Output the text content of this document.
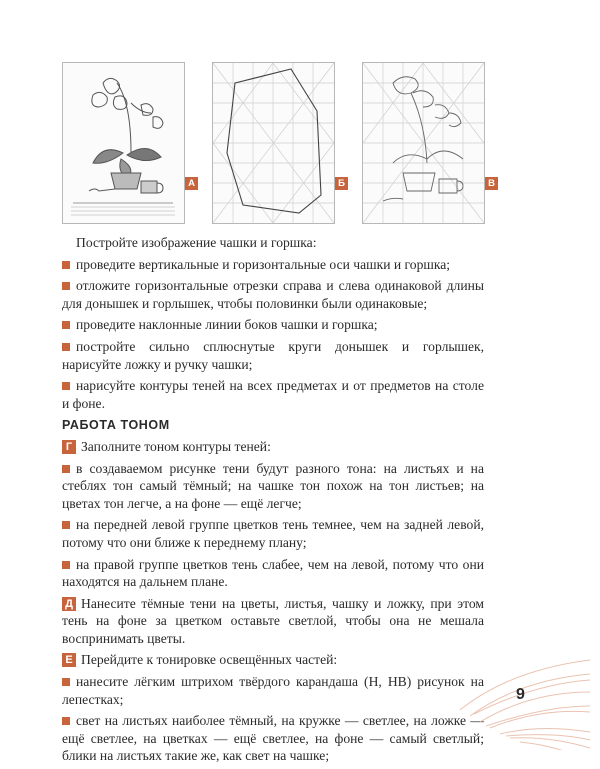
А	Б	В

Постройте изображение чашки и горшка:

проведите вертикальные и горизонтальные оси чашки и горшка;

отложите горизонтальные отрезки справа и слева одинаковой длины для донышек и горлышек, чтобы половинки были одинаковые;

проведите наклонные линии боков чашки и горшка;

постройте сильно сплюснутые круги донышек и горлышек, нарисуйте ложку и ручку чашки;

нарисуйте контуры теней на всех предметах и от предметов на столе и фоне.

РАБОТА ТОНОМ

Г Заполните тоном контуры теней:

в создаваемом рисунке тени будут разного тона: на листьях и на стеблях тон самый тёмный; на чашке тон похож на тон листьев; на цветах тон легче, а на фоне — ещё легче;

на передней левой группе цветков тень темнее, чем на задней левой, потому что они ближе к переднему плану;

на правой группе цветков тень слабее, чем на левой, потому что они находятся на дальнем плане.

Д Нанесите тёмные тени на цветы, листья, чашку и ложку, при этом тень на фоне за цветком оставьте светлой, чтобы она не мешала воспринимать цветы.

Е Перейдите к тонировке освещённых частей:

нанесите лёгким штрихом твёрдого карандаша (H, HB) рисунок на лепестках;

свет на листьях наиболее тёмный, на кружке — светлее, на ложке — ещё светлее, на цветках — ещё светлее, на фоне — самый светлый; блики на листьях такие же, как свет на чашке;

9
